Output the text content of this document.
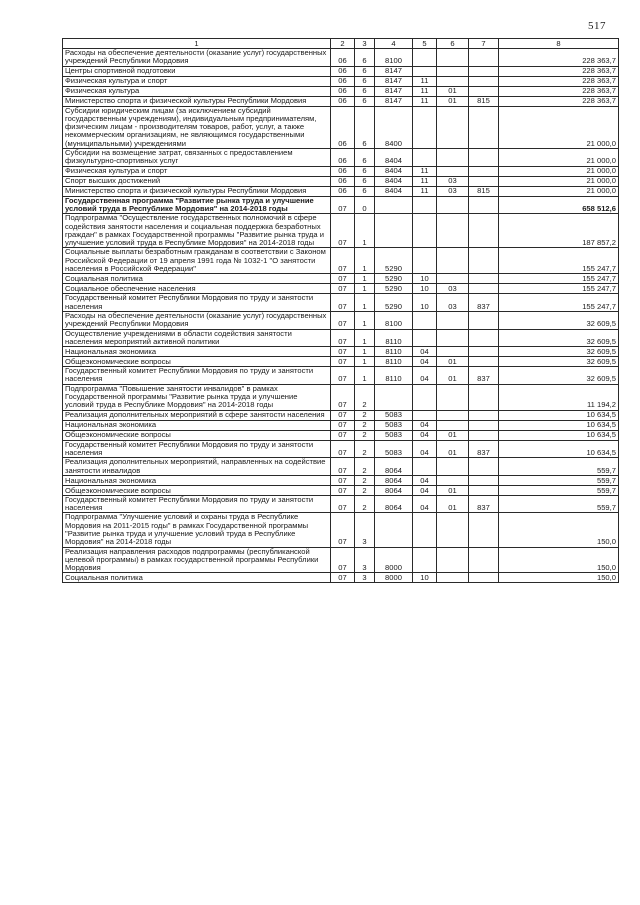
517
1	2	3	4	5	6	7	8
Расходы на обеспечение деятельности (оказание услуг) государственных учреждений Республики Мордовия	06	6	8100				228 363,7
Центры спортивной подготовки	06	6	8147				228 363,7
Физическая культура и спорт	06	6	8147	11			228 363,7
Физическая культура	06	6	8147	11	01		228 363,7
Министерство спорта и физической культуры Республики Мордовия	06	6	8147	11	01	815	228 363,7
Субсидии юридическим лицам (за исключением субсидий государственным учреждениям), индивидуальным предпринимателям, физическим лицам - производителям товаров, работ, услуг, а также некоммерческим организациям, не являющимся государственными (муниципальными) учреждениями	06	6	8400				21 000,0
Субсидии на возмещение затрат, связанных с предоставлением физкультурно-спортивных услуг	06	6	8404				21 000,0
Физическая культура и спорт	06	6	8404	11			21 000,0
Спорт высших достижений	06	6	8404	11	03		21 000,0
Министерство спорта и физической культуры Республики Мордовия	06	6	8404	11	03	815	21 000,0
Государственная программа "Развитие рынка труда и улучшение условий труда в Республике Мордовия" на 2014-2018 годы	07	0					658 512,6
Подпрограмма "Осуществление государственных полномочий в сфере содействия занятости населения и социальная поддержка безработных граждан" в рамках Государственной программы "Развитие рынка труда и улучшение условий труда в Республике Мордовия" на 2014-2018 годы	07	1					187 857,2
Социальные выплаты безработным гражданам в соответствии с Законом Российской Федерации от 19 апреля 1991 года № 1032-1 "О занятости населения в Российской Федерации"	07	1	5290				155 247,7
Социальная политика	07	1	5290	10			155 247,7
Социальное обеспечение населения	07	1	5290	10	03		155 247,7
Государственный комитет Республики Мордовия по труду и занятости населения	07	1	5290	10	03	837	155 247,7
Расходы на обеспечение деятельности (оказание услуг) государственных учреждений Республики Мордовия	07	1	8100				32 609,5
Осуществление учреждениями в области содействия занятости населения мероприятий активной политики	07	1	8110				32 609,5
Национальная экономика	07	1	8110	04			32 609,5
Общеэкономические вопросы	07	1	8110	04	01		32 609,5
Государственный комитет Республики Мордовия по труду и занятости населения	07	1	8110	04	01	837	32 609,5
Подпрограмма "Повышение занятости инвалидов" в рамках Государственной программы "Развитие рынка труда и улучшение условий труда в Республике Мордовия" на 2014-2018 годы	07	2					11 194,2
Реализация дополнительных мероприятий в сфере занятости населения	07	2	5083				10 634,5
Национальная экономика	07	2	5083	04			10 634,5
Общеэкономические вопросы	07	2	5083	04	01		10 634,5
Государственный комитет Республики Мордовия по труду и занятости населения	07	2	5083	04	01	837	10 634,5
Реализация дополнительных мероприятий, направленных на содействие занятости инвалидов	07	2	8064				559,7
Национальная экономика	07	2	8064	04			559,7
Общеэкономические вопросы	07	2	8064	04	01		559,7
Государственный комитет Республики Мордовия по труду и занятости населения	07	2	8064	04	01	837	559,7
Подпрограмма "Улучшение условий и охраны труда в Республике Мордовия на 2011-2015 годы" в рамках Государственной программы "Развитие рынка труда и улучшение условий труда в Республике Мордовия" на 2014-2018 годы	07	3					150,0
Реализация направления расходов подпрограммы (республиканской целевой программы) в рамках государственной программы Республики Мордовия	07	3	8000				150,0
Социальная политика	07	3	8000	10			150,0
